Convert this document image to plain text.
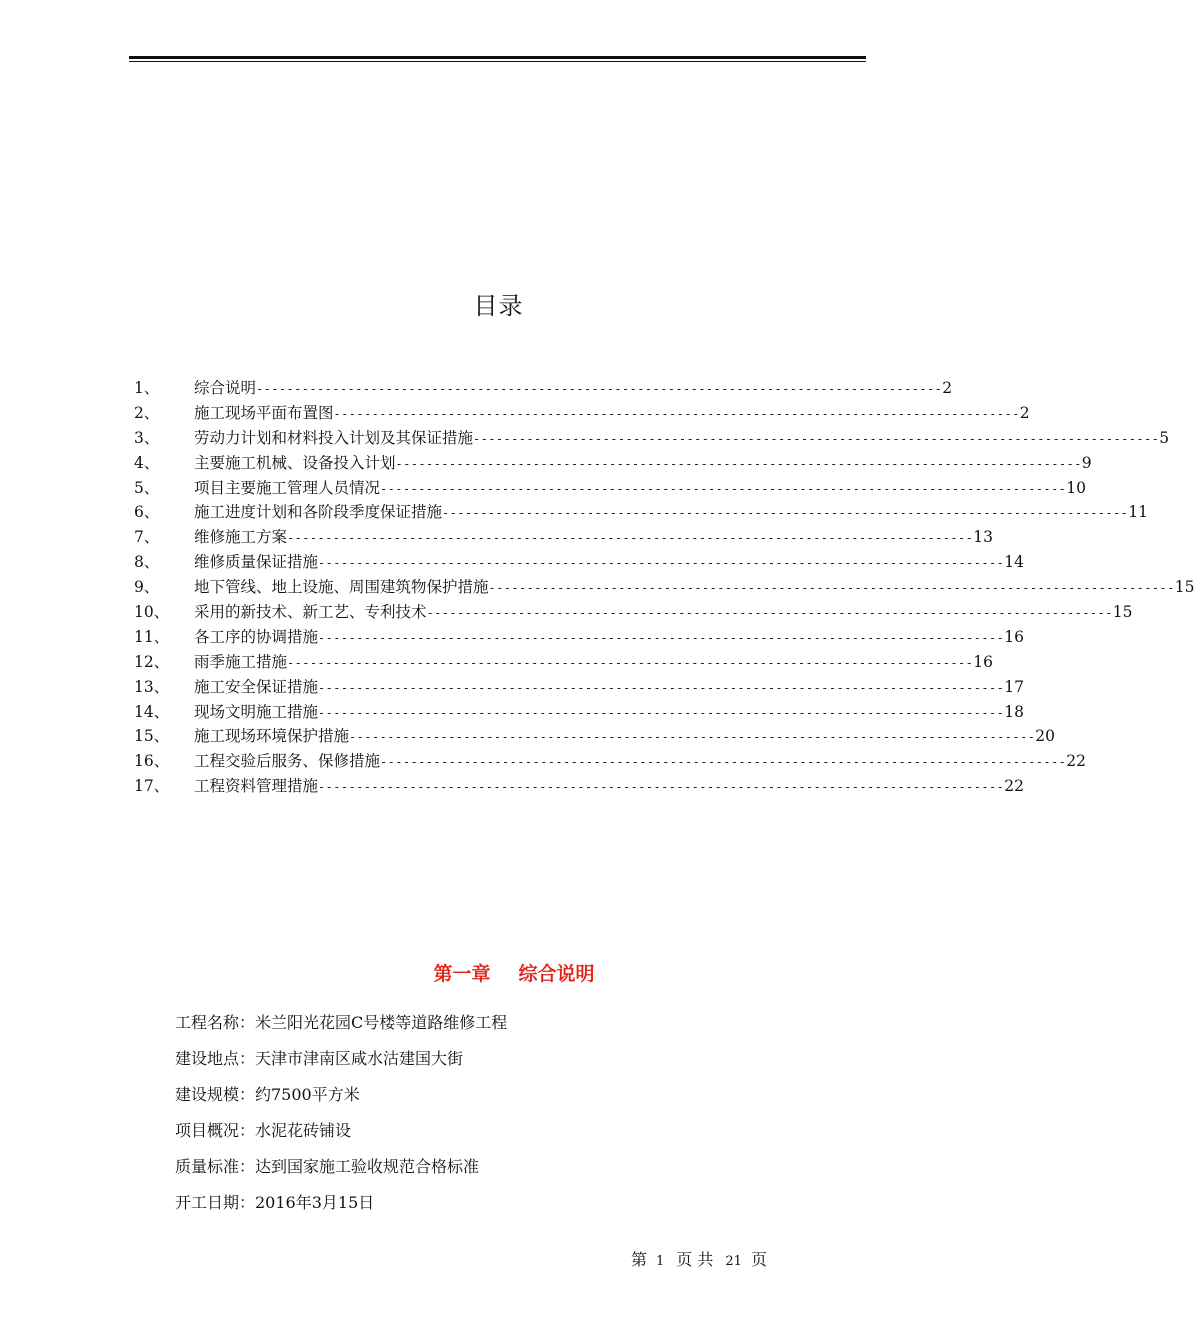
目录
1、	综合说明 ------------------------------------------------------------------------------------------ 2
2、	施工现场平面布置图 ------------------------------------------------------------------------------------------ 2
3、	劳动力计划和材料投入计划及其保证措施 ------------------------------------------------------------------------------------------ 5
4、	主要施工机械、设备投入计划 ------------------------------------------------------------------------------------------ 9
5、	项目主要施工管理人员情况 ------------------------------------------------------------------------------------------ 10
6、	施工进度计划和各阶段季度保证措施 ------------------------------------------------------------------------------------------ 11
7、	维修施工方案 ------------------------------------------------------------------------------------------ 13
8、	维修质量保证措施 ------------------------------------------------------------------------------------------ 14
9、	地下管线、地上设施、周围建筑物保护措施 ------------------------------------------------------------------------------------------ 15
10、	采用的新技术、新工艺、专利技术 ------------------------------------------------------------------------------------------ 15
11、	各工序的协调措施 ------------------------------------------------------------------------------------------ 16
12、	雨季施工措施 ------------------------------------------------------------------------------------------ 16
13、	施工安全保证措施 ------------------------------------------------------------------------------------------ 17
14、	现场文明施工措施 ------------------------------------------------------------------------------------------ 18
15、	施工现场环境保护措施 ------------------------------------------------------------------------------------------ 20
16、	工程交验后服务、保修措施 ------------------------------------------------------------------------------------------ 22
17、	工程资料管理措施 ------------------------------------------------------------------------------------------ 22
第一章 综合说明
工程名称：米兰阳光花园C号楼等道路维修工程
建设地点：天津市津南区咸水沽建国大街
建设规模：约7500平方米
项目概况：水泥花砖铺设
质量标准：达到国家施工验收规范合格标准
开工日期：2016年3月15日
第 1 页 共 21 页
